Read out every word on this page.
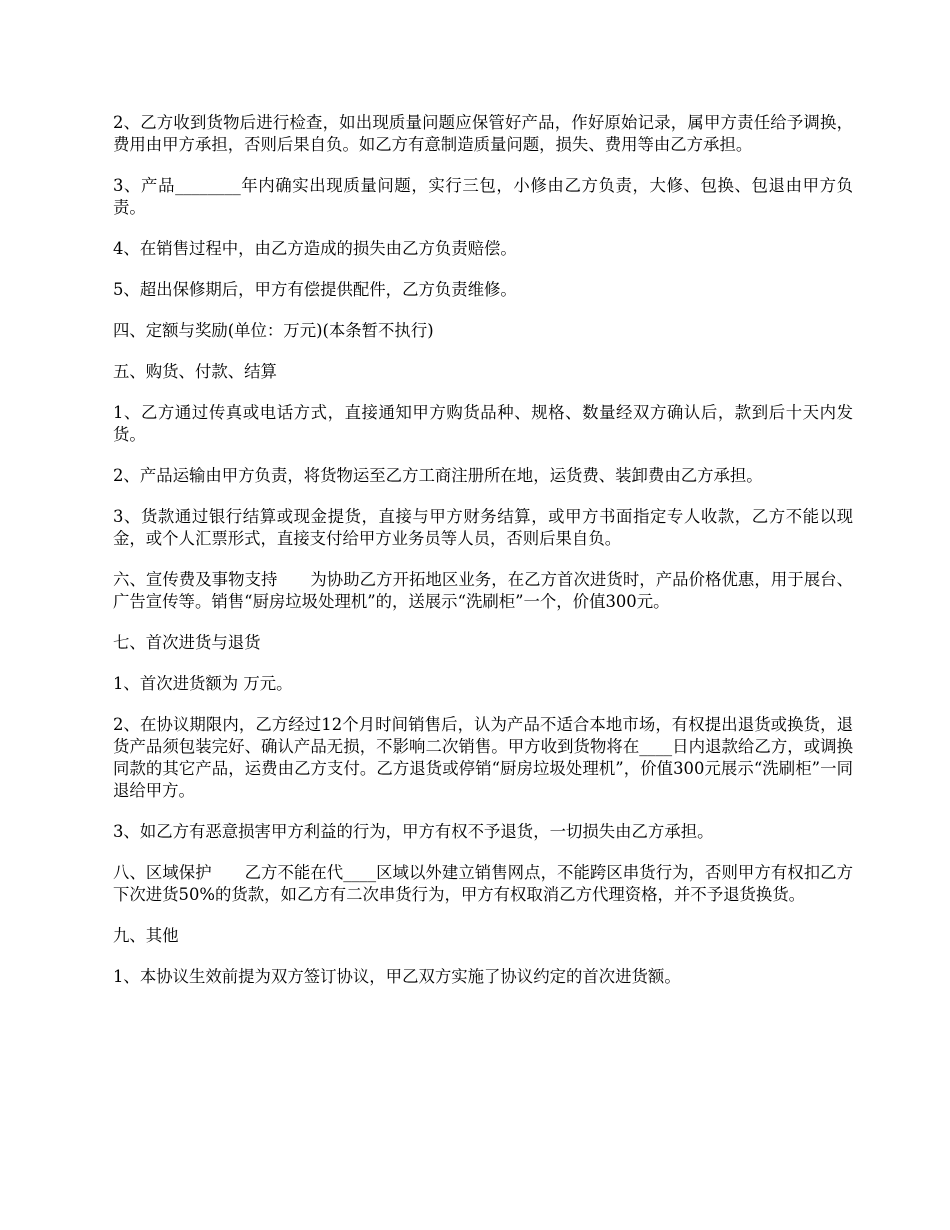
2、乙方收到货物后进行检查，如出现质量问题应保管好产品，作好原始记录，属甲方责任给予调换，费用由甲方承担，否则后果自负。如乙方有意制造质量问题，损失、费用等由乙方承担。

3、产品________年内确实出现质量问题，实行三包，小修由乙方负责，大修、包换、包退由甲方负责。

4、在销售过程中，由乙方造成的损失由乙方负责赔偿。

5、超出保修期后，甲方有偿提供配件，乙方负责维修。

四、定额与奖励(单位：万元)(本条暂不执行)

五、购货、付款、结算

1、乙方通过传真或电话方式，直接通知甲方购货品种、规格、数量经双方确认后，款到后十天内发货。

2、产品运输由甲方负责，将货物运至乙方工商注册所在地，运货费、装卸费由乙方承担。

3、货款通过银行结算或现金提货，直接与甲方财务结算，或甲方书面指定专人收款，乙方不能以现金，或个人汇票形式，直接支付给甲方业务员等人员，否则后果自负。

六、宣传费及事物支持　　为协助乙方开拓地区业务，在乙方首次进货时，产品价格优惠，用于展台、广告宣传等。销售“厨房垃圾处理机”的，送展示“洗刷柜”一个，价值300元。

七、首次进货与退货

1、首次进货额为 万元。

2、在协议期限内，乙方经过12个月时间销售后，认为产品不适合本地市场，有权提出退货或换货，退货产品须包装完好、确认产品无损，不影响二次销售。甲方收到货物将在____日内退款给乙方，或调换同款的其它产品，运费由乙方支付。乙方退货或停销“厨房垃圾处理机”，价值300元展示“洗刷柜”一同退给甲方。

3、如乙方有恶意损害甲方利益的行为，甲方有权不予退货，一切损失由乙方承担。

八、区域保护　　乙方不能在代____区域以外建立销售网点，不能跨区串货行为，否则甲方有权扣乙方下次进货50%的货款，如乙方有二次串货行为，甲方有权取消乙方代理资格，并不予退货换货。

九、其他

1、本协议生效前提为双方签订协议，甲乙双方实施了协议约定的首次进货额。
